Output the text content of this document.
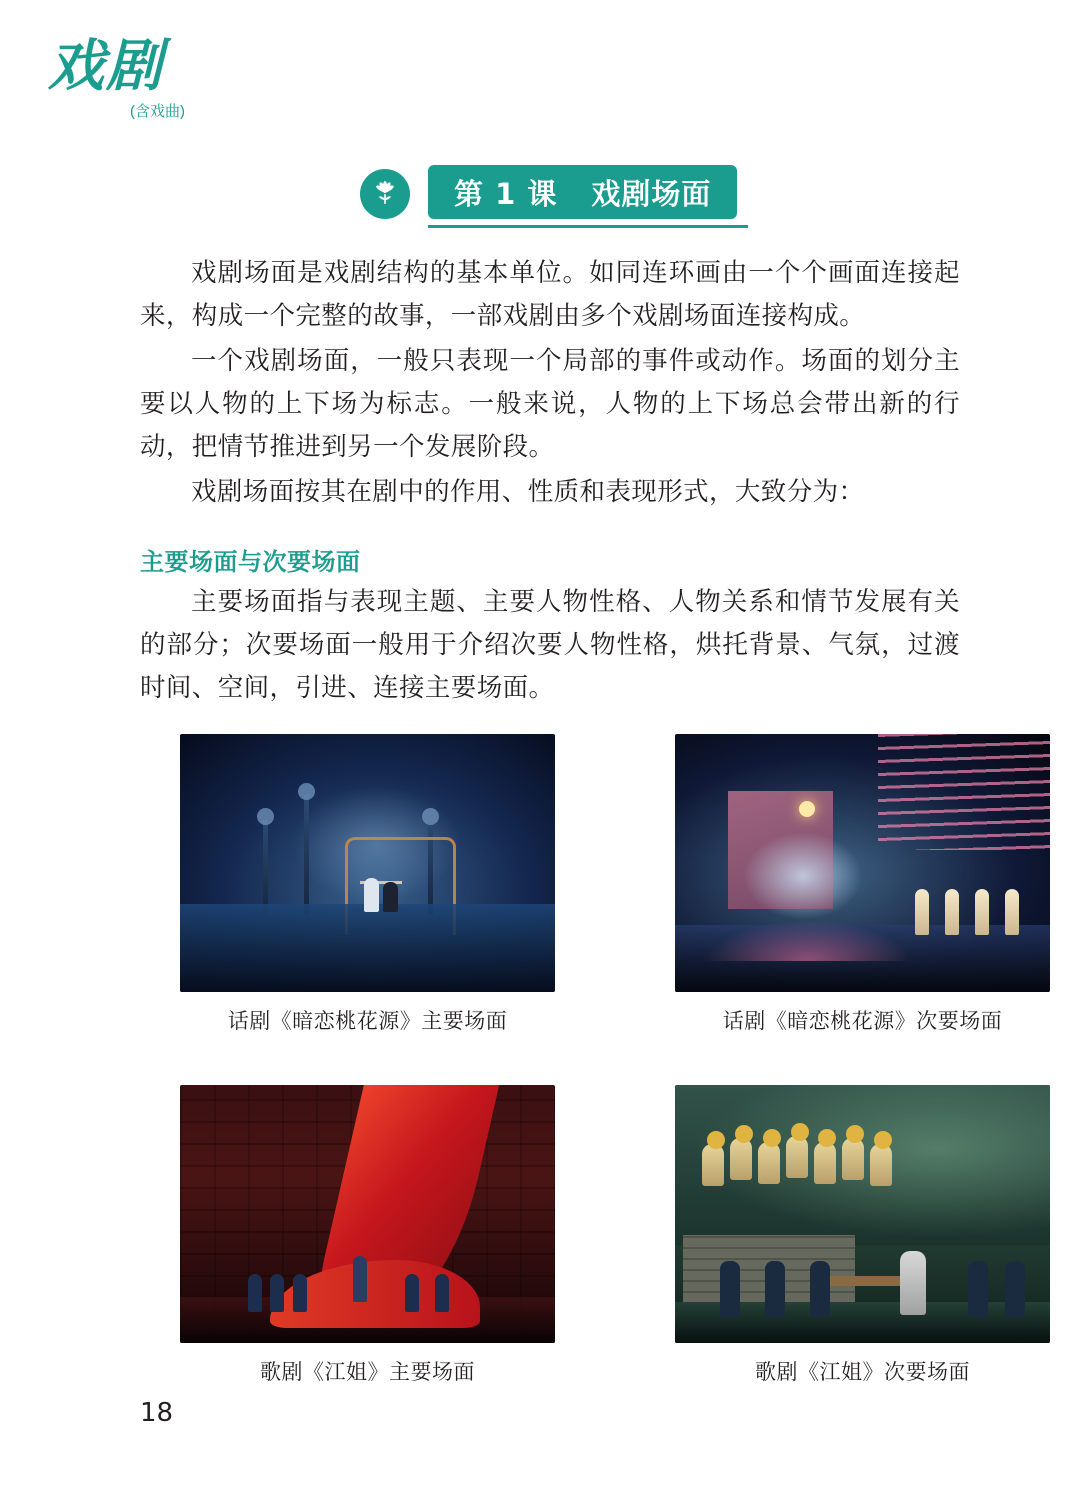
戏剧
(含戏曲)
第 1 课 戏剧场面

戏剧场面是戏剧结构的基本单位。如同连环画由一个个画面连接起来，构成一个完整的故事，一部戏剧由多个戏剧场面连接构成。

一个戏剧场面，一般只表现一个局部的事件或动作。场面的划分主要以人物的上下场为标志。一般来说，人物的上下场总会带出新的行动，把情节推进到另一个发展阶段。

戏剧场面按其在剧中的作用、性质和表现形式，大致分为：

主要场面与次要场面

主要场面指与表现主题、主要人物性格、人物关系和情节发展有关的部分；次要场面一般用于介绍次要人物性格，烘托背景、气氛，过渡时间、空间，引进、连接主要场面。

话剧《暗恋桃花源》主要场面	话剧《暗恋桃花源》次要场面
歌剧《江姐》主要场面	歌剧《江姐》次要场面
18
